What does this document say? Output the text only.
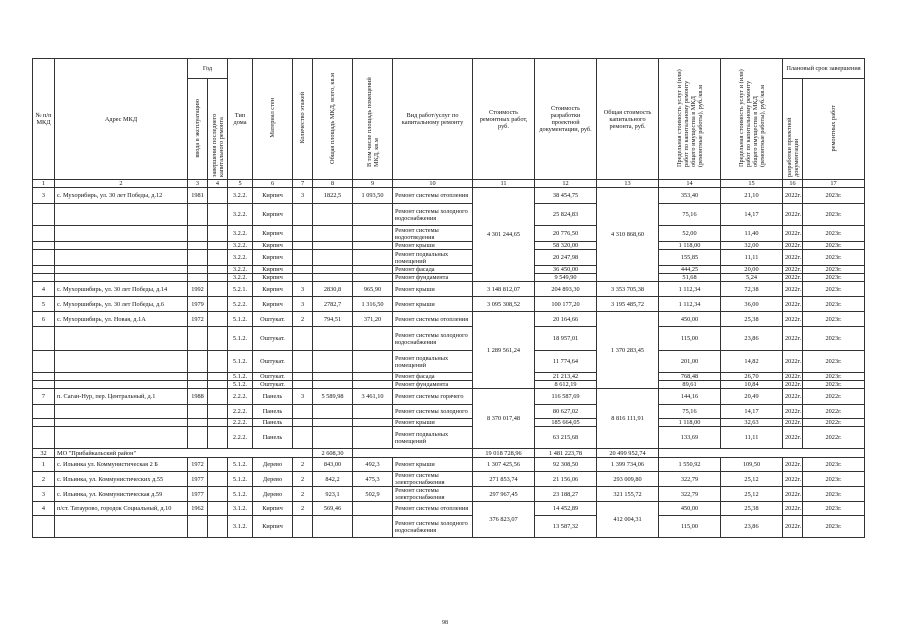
№ п/п МКД	Адрес МКД	Год		Тип дома	Материал стен	Количество этажей	Общая площадь МКД, всего, кв.м	В том числе площадь помещений МКД, кв.м	Вид работ/услуг по капитальному ремонту	Стоимость ремонтных работ, руб.	Стоимость разработки проектной документации, руб.	Общая стоимость капитального ремонта, руб.	Предельная стоимость услуг и (или) работ по капитальному ремонту общего имущества в МКД (ремонтные работы), руб./кв.м	Предельная стоимость услуг и (или) работ по капитальному ремонту общего имущества в МКД (ремонтные работы), руб./кв.м	Плановый срок завершения	
		ввода в эксплуатацию	завершения последнего капитального ремонта												разработки проектной документации	ремонтных работ
1	2	3	4	5	6	7	8	9	10	11	12	13	14	15	16	17
3	с. Мухорибирь, ул. 30 лет Победы, д.12	1981		3.2.2.	Кирпич	3	1822,5	1 093,50	Ремонт системы отопления	4 301 244,65	38 454,75	4 310 868,60	353,40	21,10	2022г.	2023г.
				3.2.2.	Кирпич				Ремонт системы холодного водоснабжения		25 824,83		75,16	14,17	2022г.	2023г.
				3.2.2.	Кирпич				Ремонт системы водоотведения		20 776,50		52,00	11,40	2022г.	2023г.
				3.2.2.	Кирпич				Ремонт крыши		58 320,00		1 118,00	32,00	2022г.	2023г.
				3.2.2.	Кирпич				Ремонт подвальных помещений		20 247,98		155,85	11,11	2022г.	2023г.
				3.2.2.	Кирпич				Ремонт фасада		36 450,00		444,25	20,00	2022г.	2023г.
				3.2.2.	Кирпич				Ремонт фундамента		9 549,90		51,68	5,24	2022г.	2023г.
4	с. Мухоршибирь, ул. 30 лет Победы, д.14	1992		5.2.1.	Кирпич	3	2830,8	965,90	Ремонт крыши	3 148 812,07	204 893,30	3 353 705,38	1 112,34	72,38	2022г.	2023г.
5	с. Мухоршибирь, ул. 30 лет Победы, д.6	1979		5.2.2.	Кирпич	3	2782,7	1 316,50	Ремонт крыши	3 095 308,52	100 177,20	3 195 485,72	1 112,34	36,00	2022г.	2023г.
6	с. Мухоршибирь, ул. Новая, д.1А	1972		5.1.2.	Оштукат.	2	794,51	371,20	Ремонт системы отопления	1 289 561,24	20 164,66	1 370 283,45	450,00	25,38	2022г.	2023г.
				5.1.2.	Оштукат.				Ремонт системы холодного водоснабжения		18 957,01		115,00	23,86	2022г.	2023г.
				5.1.2.	Оштукат.				Ремонт подвальных помещений		11 774,64		201,00	14,82	2022г.	2023г.
				5.1.2.	Оштукат.				Ремонт фасада		21 213,42		768,48	26,70	2022г.	2023г.
				5.1.2.	Оштукат.				Ремонт фундамента		8 612,19		89,61	10,84	2022г.	2023г.
7	п. Саган-Нур, пер. Центральный, д.1	1988		2.2.2.	Панель	3	5 589,98	3 461,10	Ремонт системы горячего	8 370 017,48	116 587,69	8 816 111,91	144,16	20,49	2022г.	2022г.
				2.2.2.	Панель				Ремонт системы холодного		80 627,02		75,16	14,17	2022г.	2022г.
				2.2.2.	Панель				Ремонт крыши		185 664,05		1 118,00	32,63	2022г.	2022г.
				2.2.2.	Панель				Ремонт подвальных помещений		63 215,68		133,69	11,11	2022г.	2022г.
32	МО "Прибайкальский район"						2 608,30			19 018 728,96	1 481 223,78	20 499 952,74				
1	с. Ильинка ул. Коммунистическая 2 Б	1972		5.1.2.	Дерево	2	843,00	492,3	Ремонт крыши	1 307 425,56	92 308,50	1 399 734,06	1 550,92	109,50	2022г.	2023г.
2	с. Ильинка, ул. Коммунистических д.55	1977		5.1.2.	Дерево	2	842,2	475,3	Ремонт системы электроснабжения	271 853,74	21 156,06	293 009,80	322,79	25,12	2022г.	2023г.
3	с. Ильинка, ул. Коммунистическая д.59	1977		5.1.2.	Дерево	2	923,1	502,9	Ремонт системы электроснабжения	297 967,45	23 188,27	321 155,72	322,79	25,12	2022г.	2023г.
4	п/ст. Татаурово, городок Социальный, д.10	1962		3.1.2.	Кирпич	2	569,46		Ремонт системы отопления	376 823,07	14 452,89	412 004,31	450,00	25,38	2022г.	2023г.
				3.1.2.	Кирпич				Ремонт системы холодного водоснабжения		13 587,32		115,00	23,86	2022г.	2023г.
98
